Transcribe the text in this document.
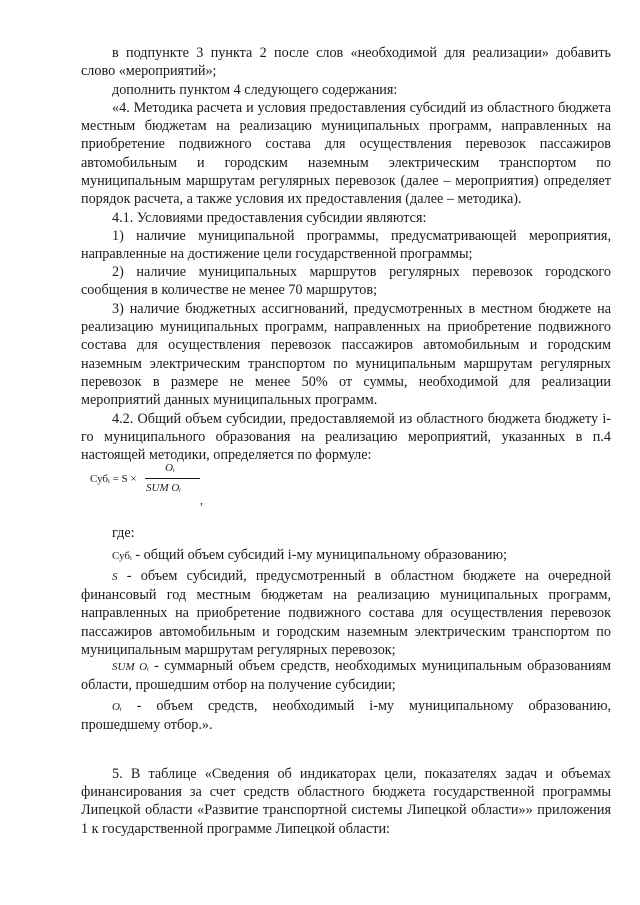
в подпункте 3 пункта 2 после слов «необходимой для реализации» добавить слово «мероприятий»;

дополнить пунктом 4 следующего содержания:

«4. Методика расчета и условия предоставления субсидий из областного бюджета местным бюджетам на реализацию муниципальных программ, направленных на приобретение подвижного состава для осуществления перевозок пассажиров автомобильным и городским наземным электрическим транспортом по муниципальным маршрутам регулярных перевозок (далее – мероприятия) определяет порядок расчета, а также условия их предоставления (далее – методика).

4.1. Условиями предоставления субсидии являются:

1) наличие муниципальной программы, предусматривающей мероприятия, направленные на достижение цели государственной программы;

2) наличие муниципальных маршрутов регулярных перевозок городского сообщения в количестве не менее 70 маршрутов;

3) наличие бюджетных ассигнований, предусмотренных в местном бюджете на реализацию муниципальных программ, направленных на приобретение подвижного состава для осуществления перевозок пассажиров автомобильным и городским наземным электрическим транспортом по муниципальным маршрутам регулярных перевозок в размере не менее 50% от суммы, необходимой для реализации мероприятий данных муниципальных программ.

4.2. Общий объем субсидии, предоставляемой из областного бюджета бюджету i-го муниципального образования на реализацию мероприятий, указанных в п.4 настоящей методики, определяется по формуле:

Субᵢ = S ×
Oᵢ
SUM Oᵢ
,

где:

Субᵢ - общий объем субсидий i-му муниципальному образованию;

S - объем субсидий, предусмотренный в областном бюджете на очередной финансовый год местным бюджетам на реализацию муниципальных программ, направленных на приобретение подвижного состава для осуществления перевозок пассажиров автомобильным и городским наземным электрическим транспортом по муниципальным маршрутам регулярных перевозок;

SUM Oᵢ - суммарный объем средств, необходимых муниципальным образованиям области, прошедшим отбор на получение субсидии;

Oᵢ - объем средств, необходимый i-му муниципальному образованию, прошедшему отбор.».

5. В таблице «Сведения об индикаторах цели, показателях задач и объемах финансирования за счет средств областного бюджета государственной программы Липецкой области «Развитие транспортной системы Липецкой области»» приложения 1 к государственной программе Липецкой области:
